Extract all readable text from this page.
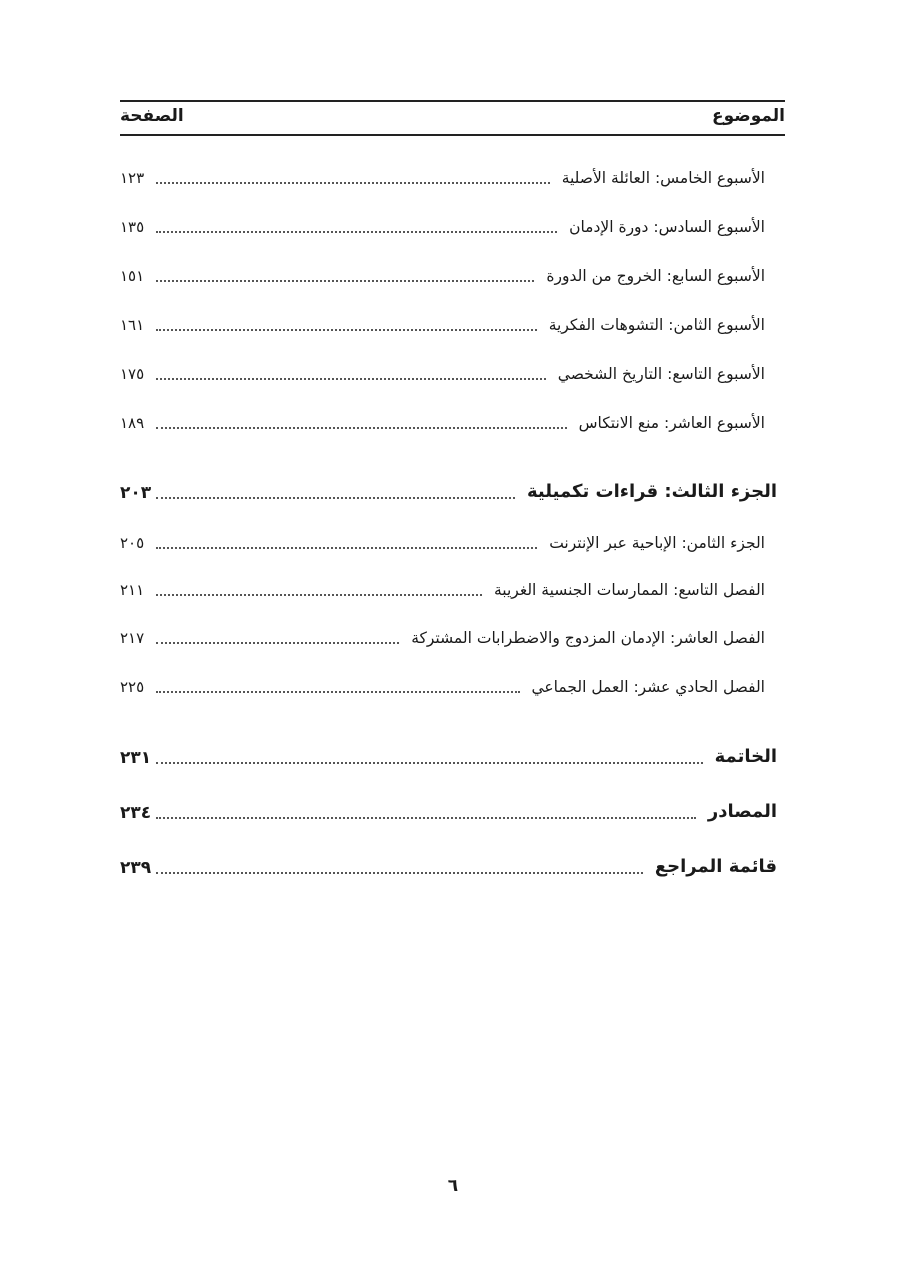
الموضوع
الصفحة
الأسبوع الخامس: العائلة الأصلية
١٢٣
الأسبوع السادس: دورة الإدمان
١٣٥
الأسبوع السابع: الخروج من الدورة
١٥١
الأسبوع الثامن: التشوهات الفكرية
١٦١
الأسبوع التاسع: التاريخ الشخصي
١٧٥
الأسبوع العاشر: منع الانتكاس
١٨٩
الجزء الثالث: قراءات تكميلية
٢٠٣
الجزء الثامن: الإباحية عبر الإنترنت
٢٠٥
الفصل التاسع: الممارسات الجنسية الغريبة
٢١١
الفصل العاشر: الإدمان المزدوج والاضطرابات المشتركة
٢١٧
الفصل الحادي عشر: العمل الجماعي
٢٢٥
الخاتمة
٢٣١
المصادر
٢٣٤
قائمة المراجع
٢٣٩
٦
